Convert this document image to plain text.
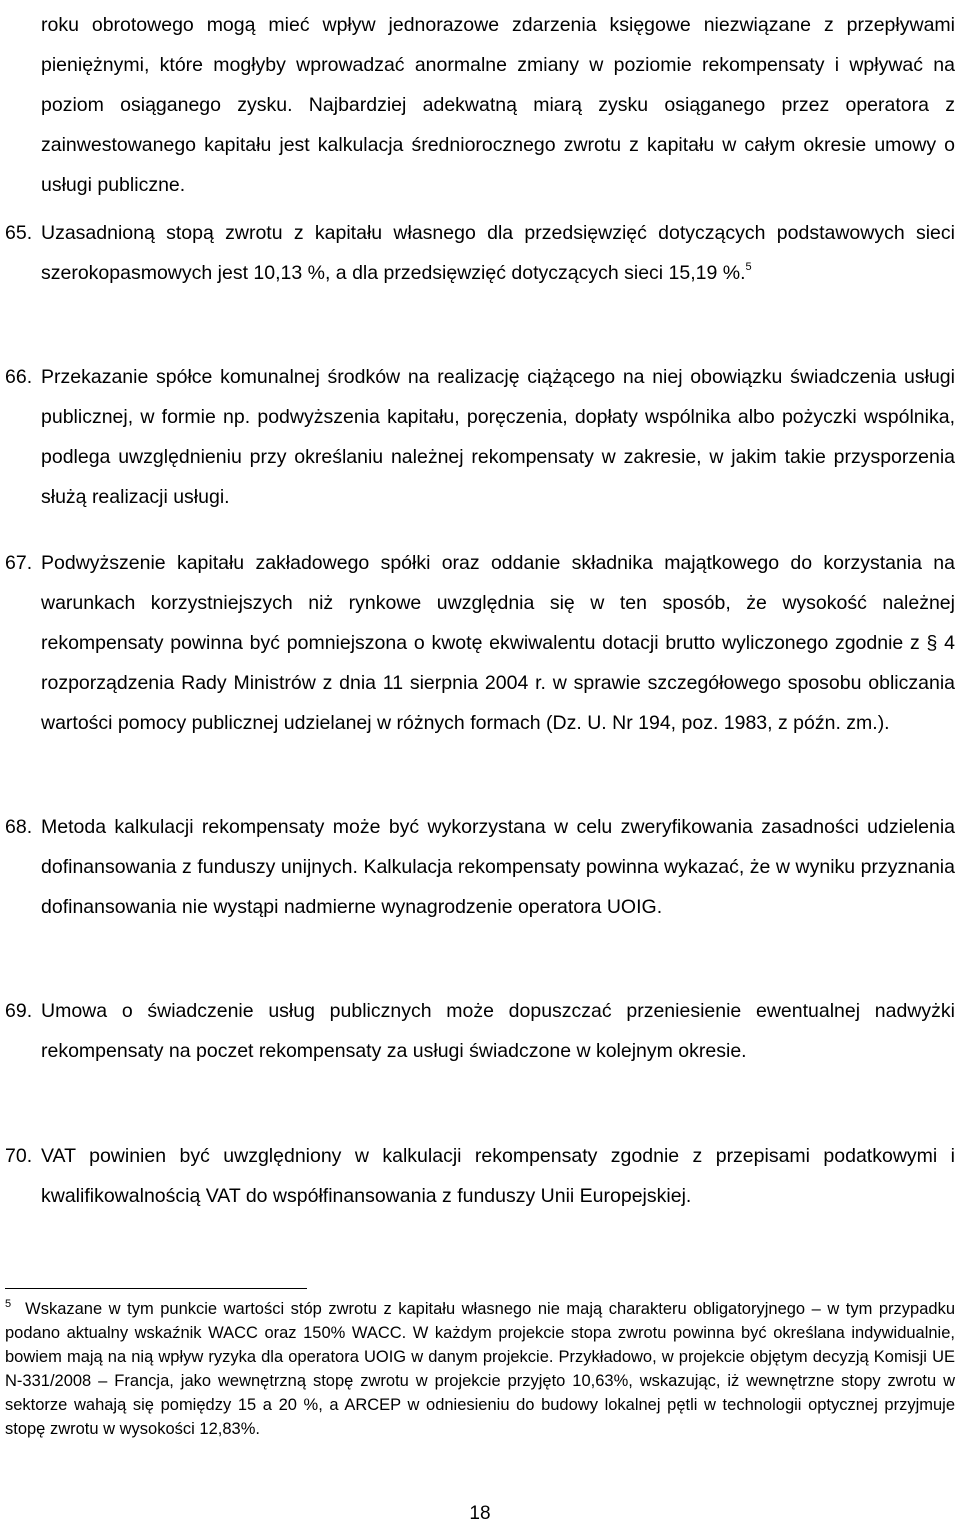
roku obrotowego mogą mieć wpływ jednorazowe zdarzenia księgowe niezwiązane z przepływami pieniężnymi, które mogłyby wprowadzać anormalne zmiany w poziomie rekompensaty i wpływać na poziom osiąganego zysku. Najbardziej adekwatną miarą zysku osiąganego przez operatora z zainwestowanego kapitału jest kalkulacja średniorocznego zwrotu z kapitału w całym okresie umowy o usługi publiczne.

65. Uzasadnioną stopą zwrotu z kapitału własnego dla przedsięwzięć dotyczących podstawowych sieci szerokopasmowych jest 10,13 %, a dla przedsięwzięć dotyczących sieci 15,19 %.$^5$

66. Przekazanie spółce komunalnej środków na realizację ciążącego na niej obowiązku świadczenia usługi publicznej, w formie np. podwyższenia kapitału, poręczenia, dopłaty wspólnika albo pożyczki wspólnika, podlega uwzględnieniu przy określaniu należnej rekompensaty w zakresie, w jakim takie przysporzenia służą realizacji usługi.

67. Podwyższenie kapitału zakładowego spółki oraz oddanie składnika majątkowego do korzystania na warunkach korzystniejszych niż rynkowe uwzględnia się w ten sposób, że wysokość należnej rekompensaty powinna być pomniejszona o kwotę ekwiwalentu dotacji brutto wyliczonego zgodnie z § 4 rozporządzenia Rady Ministrów z dnia 11 sierpnia 2004 r. w sprawie szczegółowego sposobu obliczania wartości pomocy publicznej udzielanej w różnych formach (Dz. U. Nr 194, poz. 1983, z późn. zm.).

68. Metoda kalkulacji rekompensaty może być wykorzystana w celu zweryfikowania zasadności udzielenia dofinansowania z funduszy unijnych. Kalkulacja rekompensaty powinna wykazać, że w wyniku przyznania dofinansowania nie wystąpi nadmierne wynagrodzenie operatora UOIG.

69. Umowa o świadczenie usług publicznych może dopuszczać przeniesienie ewentualnej nadwyżki rekompensaty na poczet rekompensaty za usługi świadczone w kolejnym okresie.

70. VAT powinien być uwzględniony w kalkulacji rekompensaty zgodnie z przepisami podatkowymi i kwalifikowalnością VAT do współfinansowania z funduszy Unii Europejskiej.

$^5$ Wskazane w tym punkcie wartości stóp zwrotu z kapitału własnego nie mają charakteru obligatoryjnego – w tym przypadku podano aktualny wskaźnik WACC oraz 150% WACC. W każdym projekcie stopa zwrotu powinna być określana indywidualnie, bowiem mają na nią wpływ ryzyka dla operatora UOIG w danym projekcie. Przykładowo, w projekcie objętym decyzją Komisji UE N-331/2008 – Francja, jako wewnętrzną stopę zwrotu w projekcie przyjęto 10,63%, wskazując, iż wewnętrzne stopy zwrotu w sektorze wahają się pomiędzy 15 a 20 %, a ARCEP w odniesieniu do budowy lokalnej pętli w technologii optycznej przyjmuje stopę zwrotu w wysokości 12,83%.

18
